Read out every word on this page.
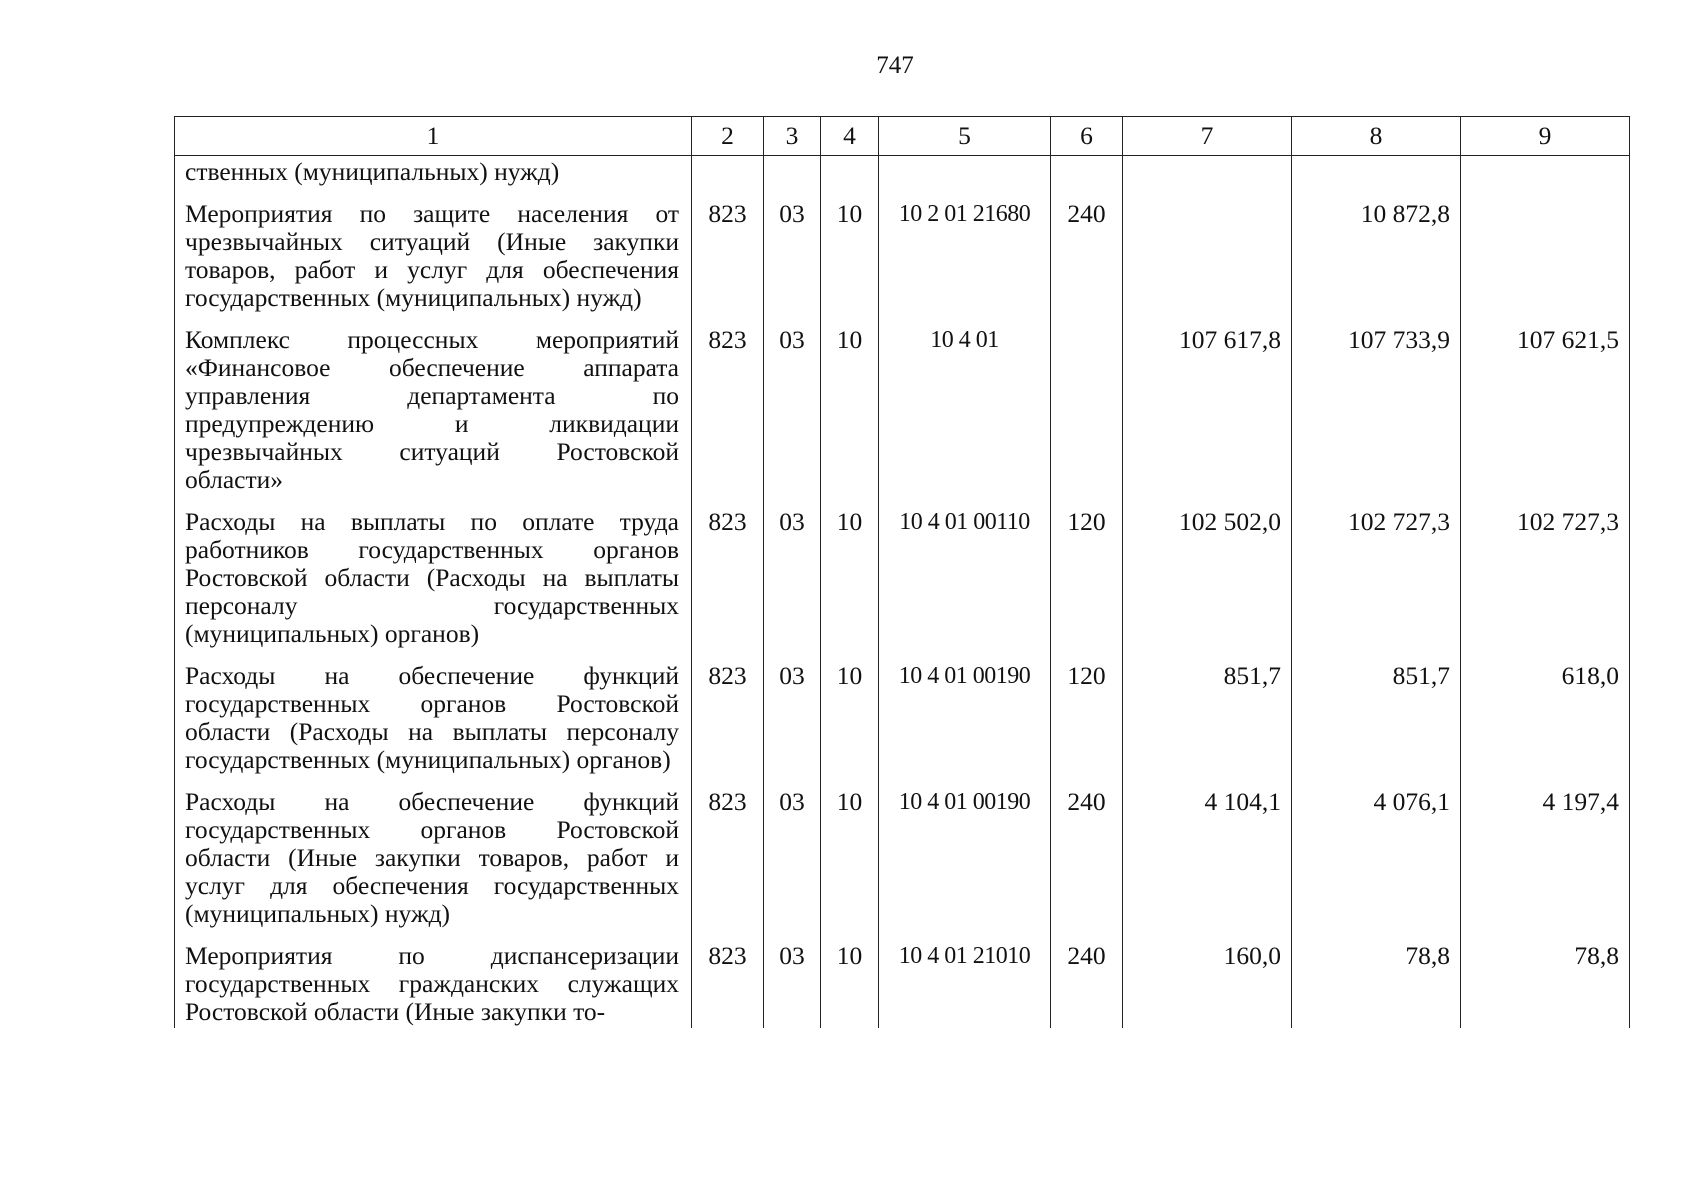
747
1	2	3	4	5	6	7	8	9
ственных (муниципальных) нужд)								
Мероприятия по защите населения от чрезвычайных ситуаций (Иные закупки товаров, работ и услуг для обеспечения государственных (муниципальных) нужд)	823	03	10	10 2 01 21680	240		10 872,8	
Комплекс процессных мероприятий «Финансовое обеспечение аппарата управления департамента по предупреждению и ликвидации чрезвычайных ситуаций Ростовской области»	823	03	10	10 4 01		107 617,8	107 733,9	107 621,5
Расходы на выплаты по оплате труда работников государственных органов Ростовской области (Расходы на выплаты персоналу государственных (муниципальных) органов)	823	03	10	10 4 01 00110	120	102 502,0	102 727,3	102 727,3
Расходы на обеспечение функций государственных органов Ростовской области (Расходы на выплаты персоналу государственных (муниципальных) органов)	823	03	10	10 4 01 00190	120	851,7	851,7	618,0
Расходы на обеспечение функций государственных органов Ростовской области (Иные закупки товаров, работ и услуг для обеспечения государственных (муниципальных) нужд)	823	03	10	10 4 01 00190	240	4 104,1	4 076,1	4 197,4
Мероприятия по диспансеризации государственных гражданских служащих Ростовской области (Иные закупки то-	823	03	10	10 4 01 21010	240	160,0	78,8	78,8
